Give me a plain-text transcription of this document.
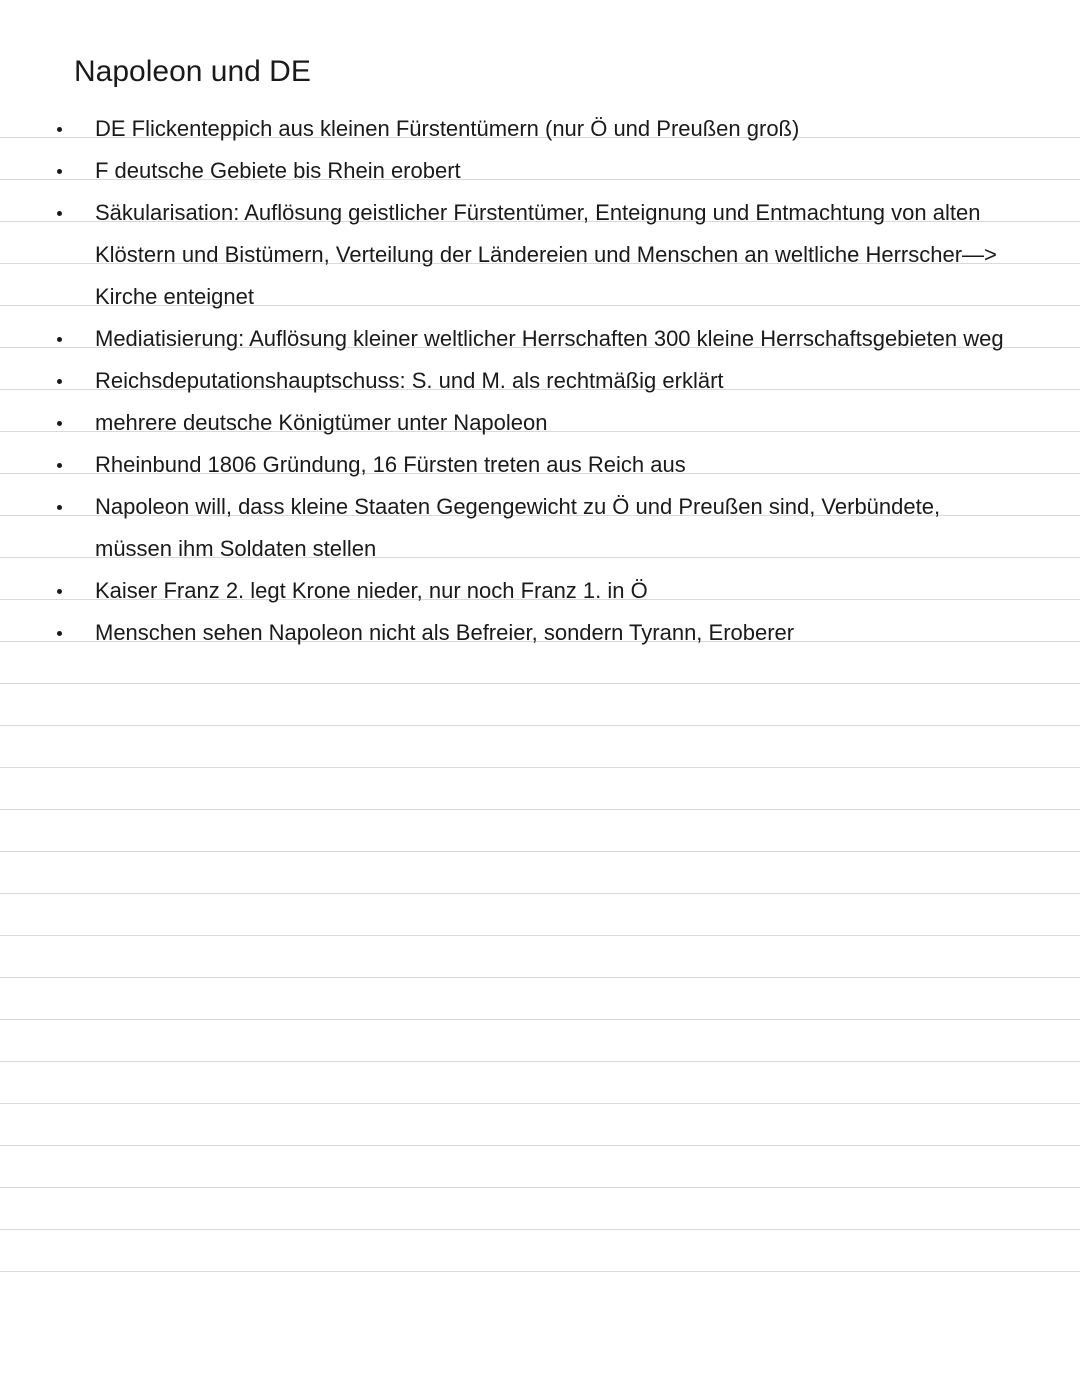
Napoleon und DE
DE Flickenteppich aus kleinen Fürstentümern (nur Ö und Preußen groß)
F deutsche Gebiete bis Rhein erobert
Säkularisation: Auflösung geistlicher Fürstentümer, Enteignung und Entmachtung von alten Klöstern und Bistümern, Verteilung der Ländereien und Menschen an weltliche Herrscher—> Kirche enteignet
Mediatisierung: Auflösung kleiner weltlicher Herrschaften 300 kleine Herrschaftsgebieten weg
Reichsdeputationshauptschuss: S. und M. als rechtmäßig erklärt
mehrere deutsche Königtümer unter Napoleon
Rheinbund 1806 Gründung, 16 Fürsten treten aus Reich aus
Napoleon will, dass kleine Staaten Gegengewicht zu Ö und Preußen sind, Verbündete, müssen ihm Soldaten stellen
Kaiser Franz 2. legt Krone nieder, nur noch Franz 1. in Ö
Menschen sehen Napoleon nicht als Befreier, sondern Tyrann, Eroberer
